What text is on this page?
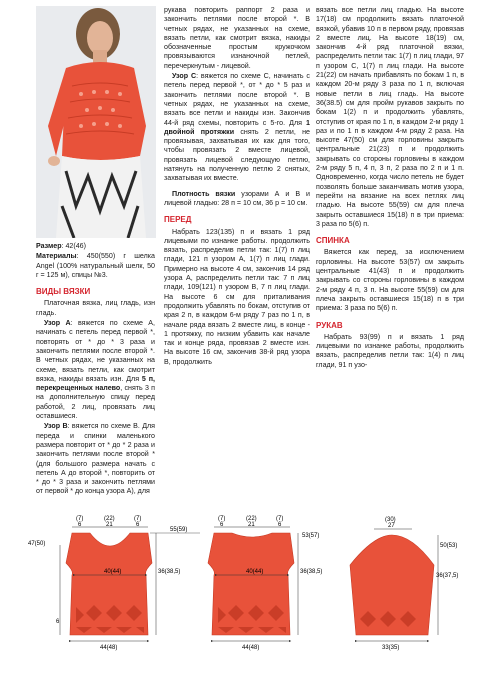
Размер: 42(46)

Материалы: 450(550) г шелка Angel (100% натуральный шелк, 50 г = 125 м), спицы №3.

ВИДЫ ВЯЗКИ

Платочная вязка, лиц гладь, изн гладь.

Узор А: вяжется по схеме А, начинать с петель перед первой *, повторять от * до * 3 раза и закончить петлями после второй *. В четных рядах, не указанных на схеме, вязать петли, как смотрит вязка, накиды вязать изн. Для 5 п, перекрещенных налево, снять 3 п на дополнительную спицу перед работой, 2 лиц, провязать лиц оставшиеся.

Узор В: вяжется по схеме В. Для переда и спинки маленького размера повторит от * до * 2 раза и закончить петлями после второй * (для большого размера начать с петель А до второй *, повторить от * до * 3 раза и закончить петлями от первой * до конца узора А), для

рукава повторить раппорт 2 раза и закончить петлями после второй *. В четных рядах, не указанных на схеме, вязать петли, как смотрит вязка, накиды обозначенные простым кружочком провязываются изнаночной петлей, перечеркнутым - лицевой.

Узор С: вяжется по схеме С, начинать с петель перед первой *, от * до * 5 раз и закончить петлями после второй *. В четных рядах, не указанных на схеме, вязать все петли и накиды изн. Закончив 44-й ряд схемы, повторить с 5-го. Для 1 двойной протяжки снять 2 петли, не провязывая, захватывая их как для того, чтобы провязать 2 вместе лицевой, провязать лицевой следующую петлю, натянуть на полученную петлю 2 снятых, захватывая их вместе.

Плотность вязки узорами А и В и лицевой гладью: 28 п = 10 см, 36 р = 10 см.

ПЕРЕД

Набрать 123(135) п и вязать 1 ряд лицевыми по изнанке работы. продолжить вязать, распределив петли так: 1(7) п лиц глади, 121 п узором А, 1(7) п лиц глади. Примерно на высоте 4 см, закончив 14 ряд узора А, распределить петли так: 7 п лиц глади, 109(121) п узором В, 7 п лиц глади. На высоте 6 см для приталивания продолжить убавлять по бокам, отступив от края 2 п, в каждом 6-м ряду 7 раз по 1 п, в начале ряда вязать 2 вместе лиц, в конце - 1 протяжку, по низким убавить как начале так и конце ряда, провязав 2 вместе изн. На высоте 16 см, закончив 38-й ряд узора В, продолжить

вязать все петли лиц гладью. На высоте 17(18) см продолжить вязать платочной вязкой, убавив 10 п в первом ряду, провязав 2 вместе лиц. На высоте 18(19) см, закончив 4-й ряд платочной вязки, распределить петли так: 1(7) п лиц глади, 97 п узором С, 1(7) п лиц глади. На высоте 21(22) см начать прибавлять по бокам 1 п, в каждом 20-м ряду 3 раза по 1 п, включая новые петли в лиц гладь. На высоте 36(38.5) см для пройм рукавов закрыть по бокам 1(2) п и продолжить убавлять, отступив от края по 1 п, в каждом 2-м ряду 1 раз и по 1 п в каждом 4-м ряду 2 раза. На высоте 47(50) см для горловины закрыть центральные 21(23) п и продолжить закрывать со стороны горловины в каждом 2-м ряду 5 п, 4 п, 3 п, 2 раза по 2 п и 1 п. Одновременно, когда число петель не будет позволять больше заканчивать мотив узора, перейти на вязание на всех петлях лиц гладью. На высоте 55(59) см для плеча закрыть оставшиеся 15(18) п в три приема: 3 раза по 5(6) п.

СПИНКА

Вяжется как перед, за исключением горловины. На высоте 53(57) см закрыть центральные 41(43) п и продолжить закрывать со стороны горловины в каждом 2-м ряду 4 п, 3 п. На высоте 55(59) см для плеча закрыть оставшиеся 15(18) п в три приема: 3 раза по 5(6) п.

РУКАВ

Набрать 93(99) п и вязать 1 ряд лицевыми по изнанке работы, продолжить вязать, распределив петли так: 1(4) п лиц глади, 91 п узо-

(7)
6
(22)
21
(7)
6
55(59)
36(38,5)
47(50)
40(44)
6
44(48)
(7)
6
(22)
21
(7)
6
53(57)
36(38,5)
40(44)
44(48)
(30)
27
50(53)
36(37,5)
33(35)
